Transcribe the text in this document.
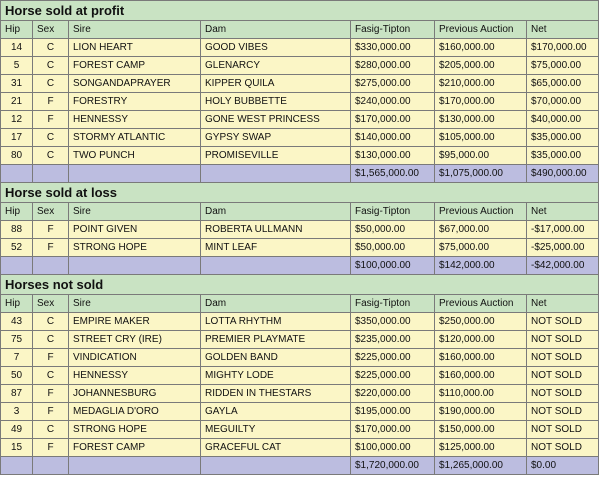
Horse sold at profit						
Hip	Sex	Sire	Dam	Fasig-Tipton	Previous Auction	Net
14	C	LION HEART	GOOD VIBES	$330,000.00	$160,000.00	$170,000.00
5	C	FOREST CAMP	GLENARCY	$280,000.00	$205,000.00	$75,000.00
31	C	SONGANDAPRAYER	KIPPER QUILA	$275,000.00	$210,000.00	$65,000.00
21	F	FORESTRY	HOLY BUBBETTE	$240,000.00	$170,000.00	$70,000.00
12	F	HENNESSY	GONE WEST PRINCESS	$170,000.00	$130,000.00	$40,000.00
17	C	STORMY ATLANTIC	GYPSY SWAP	$140,000.00	$105,000.00	$35,000.00
80	C	TWO PUNCH	PROMISEVILLE	$130,000.00	$95,000.00	$35,000.00
				$1,565,000.00	$1,075,000.00	$490,000.00
Horse sold at loss						
Hip	Sex	Sire	Dam	Fasig-Tipton	Previous Auction	Net
88	F	POINT GIVEN	ROBERTA ULLMANN	$50,000.00	$67,000.00	-$17,000.00
52	F	STRONG HOPE	MINT LEAF	$50,000.00	$75,000.00	-$25,000.00
				$100,000.00	$142,000.00	-$42,000.00
Horses not sold						
Hip	Sex	Sire	Dam	Fasig-Tipton	Previous Auction	Net
43	C	EMPIRE MAKER	LOTTA RHYTHM	$350,000.00	$250,000.00	NOT SOLD
75	C	STREET CRY (IRE)	PREMIER PLAYMATE	$235,000.00	$120,000.00	NOT SOLD
7	F	VINDICATION	GOLDEN BAND	$225,000.00	$160,000.00	NOT SOLD
50	C	HENNESSY	MIGHTY LODE	$225,000.00	$160,000.00	NOT SOLD
87	F	JOHANNESBURG	RIDDEN IN THESTARS	$220,000.00	$110,000.00	NOT SOLD
3	F	MEDAGLIA D'ORO	GAYLA	$195,000.00	$190,000.00	NOT SOLD
49	C	STRONG HOPE	MEGUILTY	$170,000.00	$150,000.00	NOT SOLD
15	F	FOREST CAMP	GRACEFUL CAT	$100,000.00	$125,000.00	NOT SOLD
				$1,720,000.00	$1,265,000.00	$0.00
